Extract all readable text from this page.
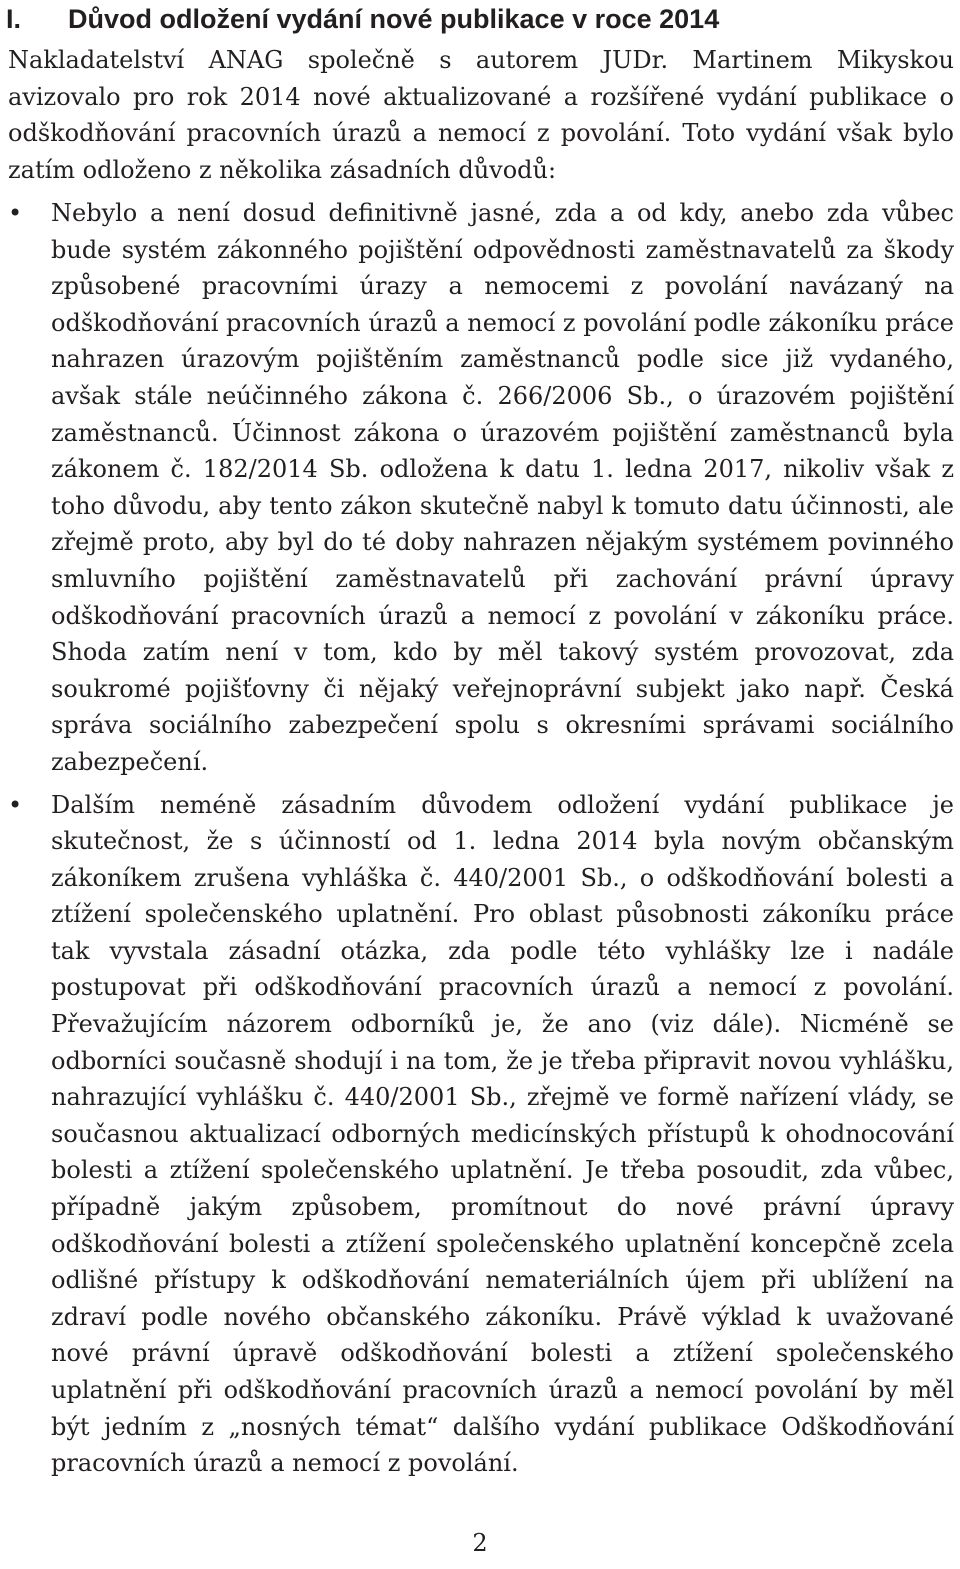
I. Důvod odložení vydání nové publikace v roce 2014

Nakladatelství ANAG společně s autorem JUDr. Martinem Mikyskou avizovalo pro rok 2014 nové aktualizované a rozšířené vydání publikace o odškodňování pracovních úrazů a nemocí z povolání. Toto vydání však bylo zatím odloženo z několika zásadních důvodů:

• Nebylo a není dosud definitivně jasné, zda a od kdy, anebo zda vůbec bude systém zákonného pojištění odpovědnosti zaměstnavatelů za škody způsobené pracovními úrazy a nemocemi z povolání navázaný na odškodňování pracovních úrazů a nemocí z povolání podle zákoníku práce nahrazen úrazovým pojištěním zaměstnanců podle sice již vydaného, avšak stále neúčinného zákona č. 266/2006 Sb., o úrazovém pojištění zaměstnanců. Účinnost zákona o úrazovém pojištění zaměstnanců byla zákonem č. 182/2014 Sb. odložena k datu 1. ledna 2017, nikoliv však z toho důvodu, aby tento zákon skutečně nabyl k tomuto datu účinnosti, ale zřejmě proto, aby byl do té doby nahrazen nějakým systémem povinného smluvního pojištění zaměstnavatelů při zachování právní úpravy odškodňování pracovních úrazů a nemocí z povolání v zákoníku práce. Shoda zatím není v tom, kdo by měl takový systém provozovat, zda soukromé pojišťovny či nějaký veřejnoprávní subjekt jako např. Česká správa sociálního zabezpečení spolu s okresními správami sociálního zabezpečení.
• Dalším neméně zásadním důvodem odložení vydání publikace je skutečnost, že s účinností od 1. ledna 2014 byla novým občanským zákoníkem zrušena vyhláška č. 440/2001 Sb., o odškodňování bolesti a ztížení společenského uplatnění. Pro oblast působnosti zákoníku práce tak vyvstala zásadní otázka, zda podle této vyhlášky lze i nadále postupovat při odškodňování pracovních úrazů a nemocí z povolání. Převažujícím názorem odborníků je, že ano (viz dále). Nicméně se odborníci současně shodují i na tom, že je třeba připravit novou vyhlášku, nahrazující vyhlášku č. 440/2001 Sb., zřejmě ve formě nařízení vlády, se současnou aktualizací odborných medicínských přístupů k ohodnocování bolesti a ztížení společenského uplatnění. Je třeba posoudit, zda vůbec, případně jakým způsobem, promítnout do nové právní úpravy odškodňování bolesti a ztížení společenského uplatnění koncepčně zcela odlišné přístupy k odškodňování nemateriálních újem při ublížení na zdraví podle nového občanského zákoníku. Právě výklad k uvažované nové právní úpravě odškodňování bolesti a ztížení společenského uplatnění při odškodňování pracovních úrazů a nemocí povolání by měl být jedním z „nosných témat“ dalšího vydání publikace Odškodňování pracovních úrazů a nemocí z povolání.
2
